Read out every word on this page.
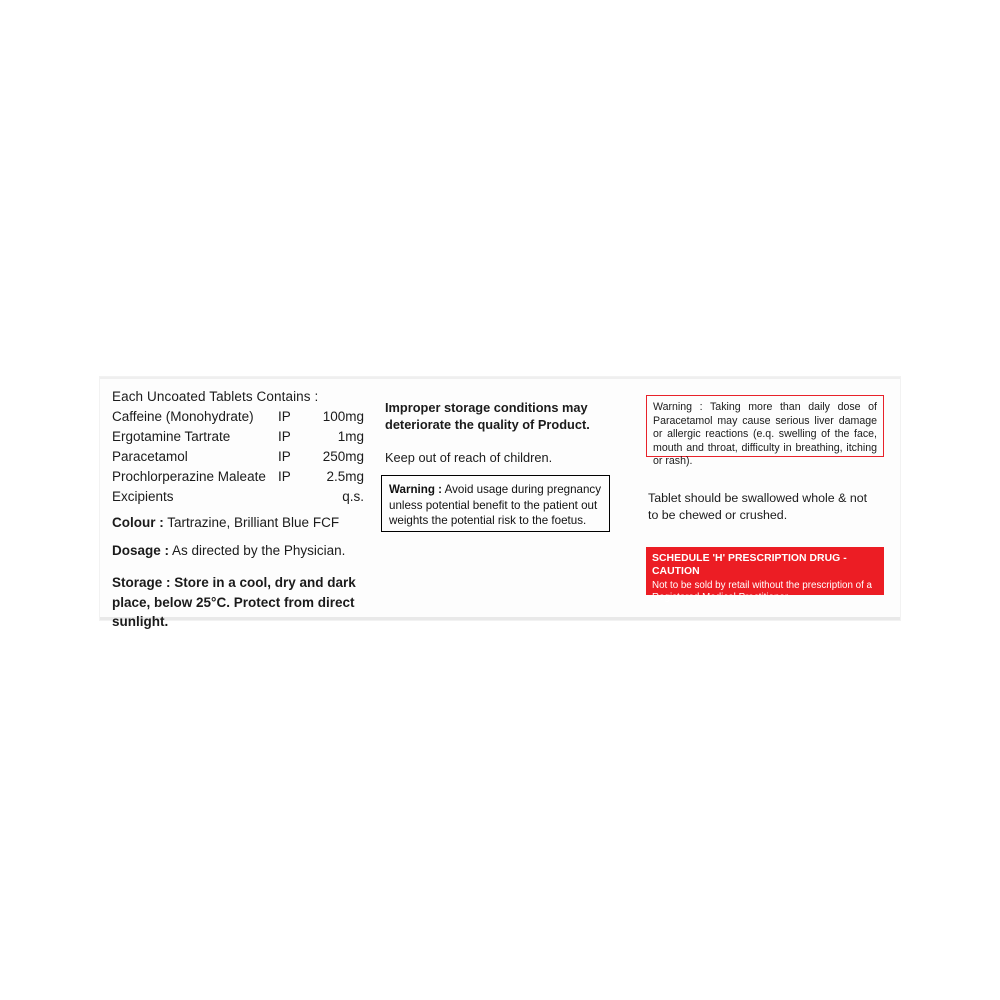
Each Uncoated Tablets Contains :
Caffeine (Monohydrate)	IP	100mg
Ergotamine Tartrate	IP	1mg
Paracetamol	IP	250mg
Prochlorperazine Maleate IP	2.5mg
Excipients	q.s.
Colour : Tartrazine, Brilliant Blue FCF
Dosage : As directed by the Physician.
Storage : Store in a cool, dry and dark place, below 25°C. Protect from direct sunlight.
Improper storage conditions may deteriorate the quality of Product.
Keep out of reach of children.
Warning : Avoid usage during pregnancy unless potential benefit to the patient out weights the potential risk to the foetus.
Warning : Taking more than daily dose of Paracetamol may cause serious liver damage or allergic reactions (e.q. swelling of the face, mouth and throat, difficulty in breathing, itching or rash).
Tablet should be swallowed whole & not to be chewed or crushed.
SCHEDULE 'H' PRESCRIPTION DRUG - CAUTION
Not to be sold by retail without the prescription of a Registered Medical Practitioner.
